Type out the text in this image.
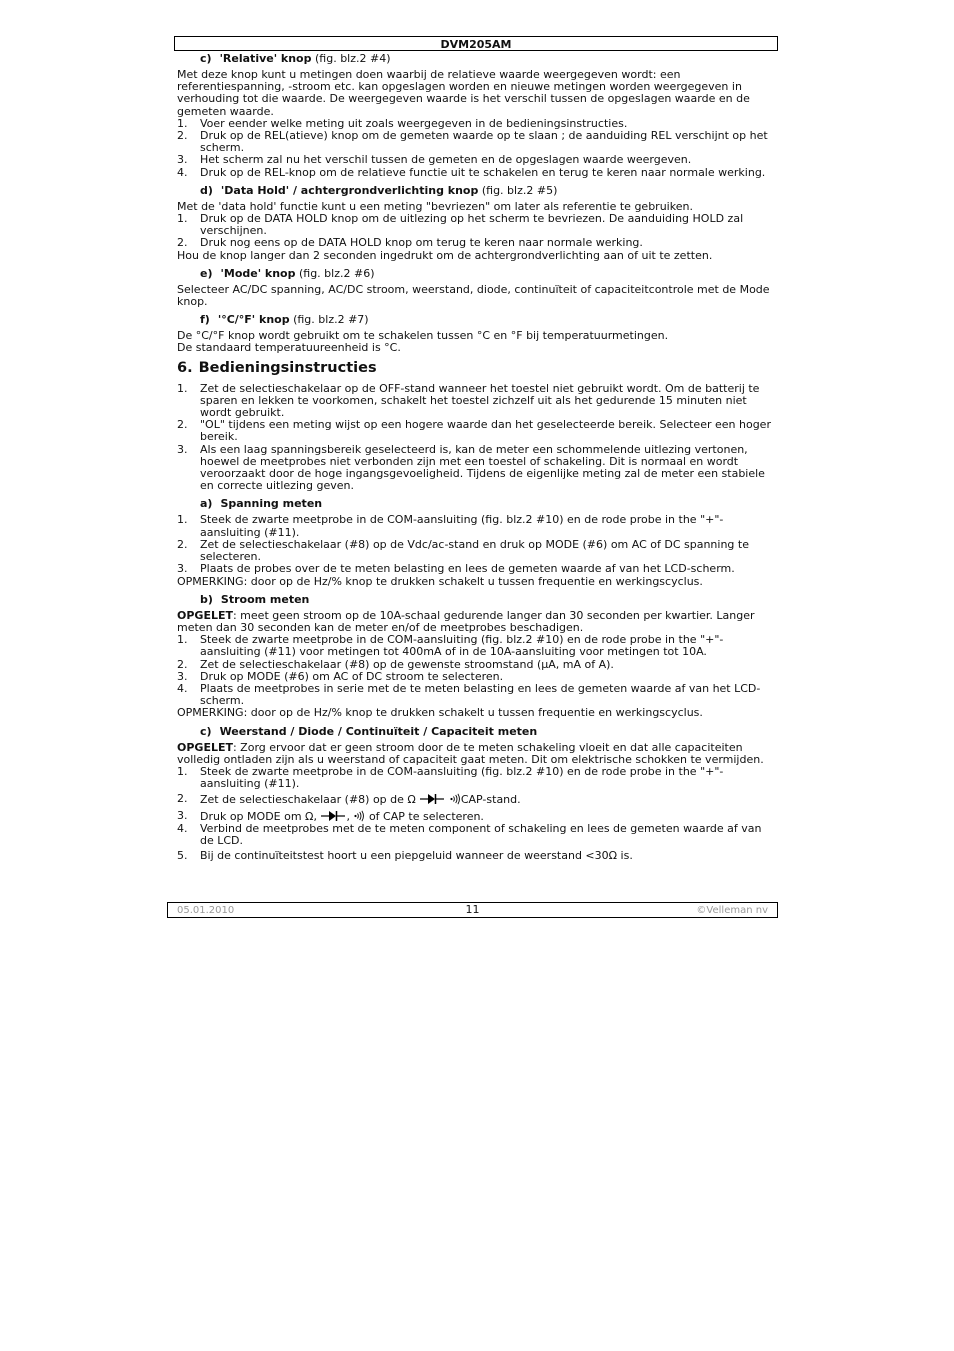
DVM205AM

c) 'Relative' knop (fig. blz.2 #4)

Met deze knop kunt u metingen doen waarbij de relatieve waarde weergegeven wordt: een referentiespanning, -stroom etc. kan opgeslagen worden en nieuwe metingen worden weergegeven in verhouding tot die waarde. De weergegeven waarde is het verschil tussen de opgeslagen waarde en de gemeten waarde.

1. Voer eender welke meting uit zoals weergegeven in de bedieningsinstructies.
2. Druk op de REL(atieve) knop om de gemeten waarde op te slaan ; de aanduiding REL verschijnt op het scherm.
3. Het scherm zal nu het verschil tussen de gemeten en de opgeslagen waarde weergeven.
4. Druk op de REL-knop om de relatieve functie uit te schakelen en terug te keren naar normale werking.

d) 'Data Hold' / achtergrondverlichting knop (fig. blz.2 #5)

Met de 'data hold' functie kunt u een meting "bevriezen" om later als referentie te gebruiken.

1. Druk op de DATA HOLD knop om de uitlezing op het scherm te bevriezen. De aanduiding HOLD zal verschijnen.
2. Druk nog eens op de DATA HOLD knop om terug te keren naar normale werking.

Hou de knop langer dan 2 seconden ingedrukt om de achtergrondverlichting aan of uit te zetten.

e) 'Mode' knop (fig. blz.2 #6)

Selecteer AC/DC spanning, AC/DC stroom, weerstand, diode, continuïteit of capaciteitcontrole met de Mode knop.

f) '°C/°F' knop (fig. blz.2 #7)

De °C/°F knop wordt gebruikt om te schakelen tussen °C en °F bij temperatuurmetingen.

De standaard temperatuureenheid is °C.

6. Bedieningsinstructies
1. Zet de selectieschakelaar op de OFF-stand wanneer het toestel niet gebruikt wordt. Om de batterij te sparen en lekken te voorkomen, schakelt het toestel zichzelf uit als het gedurende 15 minuten niet wordt gebruikt.
2. "OL" tijdens een meting wijst op een hogere waarde dan het geselecteerde bereik. Selecteer een hoger bereik.
3. Als een laag spanningsbereik geselecteerd is, kan de meter een schommelende uitlezing vertonen, hoewel de meetprobes niet verbonden zijn met een toestel of schakeling. Dit is normaal en wordt veroorzaakt door de hoge ingangsgevoeligheid. Tijdens de eigenlijke meting zal de meter een stabiele en correcte uitlezing geven.

a) Spanning meten

1. Steek de zwarte meetprobe in de COM-aansluiting (fig. blz.2 #10) en de rode probe in the "+"-aansluiting (#11).
2. Zet de selectieschakelaar (#8) op de Vdc/ac-stand en druk op MODE (#6) om AC of DC spanning te selecteren.
3. Plaats de probes over de te meten belasting en lees de gemeten waarde af van het LCD-scherm.

OPMERKING: door op de Hz/% knop te drukken schakelt u tussen frequentie en werkingscyclus.

b) Stroom meten

OPGELET: meet geen stroom op de 10A-schaal gedurende langer dan 30 seconden per kwartier. Langer meten dan 30 seconden kan de meter en/of de meetprobes beschadigen.

1. Steek de zwarte meetprobe in de COM-aansluiting (fig. blz.2 #10) en de rode probe in the "+"-aansluiting (#11) voor metingen tot 400mA of in de 10A-aansluiting voor metingen tot 10A.
2. Zet de selectieschakelaar (#8) op de gewenste stroomstand (μA, mA of A).
3. Druk op MODE (#6) om AC of DC stroom te selecteren.
4. Plaats de meetprobes in serie met de te meten belasting en lees de gemeten waarde af van het LCD-scherm.

OPMERKING: door op de Hz/% knop te drukken schakelt u tussen frequentie en werkingscyclus.

c) Weerstand / Diode / Continuïteit / Capaciteit meten

OPGELET: Zorg ervoor dat er geen stroom door de te meten schakeling vloeit en dat alle capaciteiten volledig ontladen zijn als u weerstand of capaciteit gaat meten. Dit om elektrische schokken te vermijden.

1. Steek de zwarte meetprobe in de COM-aansluiting (fig. blz.2 #10) en de rode probe in the "+"-aansluiting (#11).
2. Zet de selectieschakelaar (#8) op de Ω	CAP-stand.
3. Druk op MODE om Ω,	, of CAP te selecteren.
4. Verbind de meetprobes met de te meten component of schakeling en lees de gemeten waarde af van de LCD.
5. Bij de continuïteitstest hoort u een piepgeluid wanneer de weerstand <30Ω is.
05.01.2010	11	©Velleman nv
